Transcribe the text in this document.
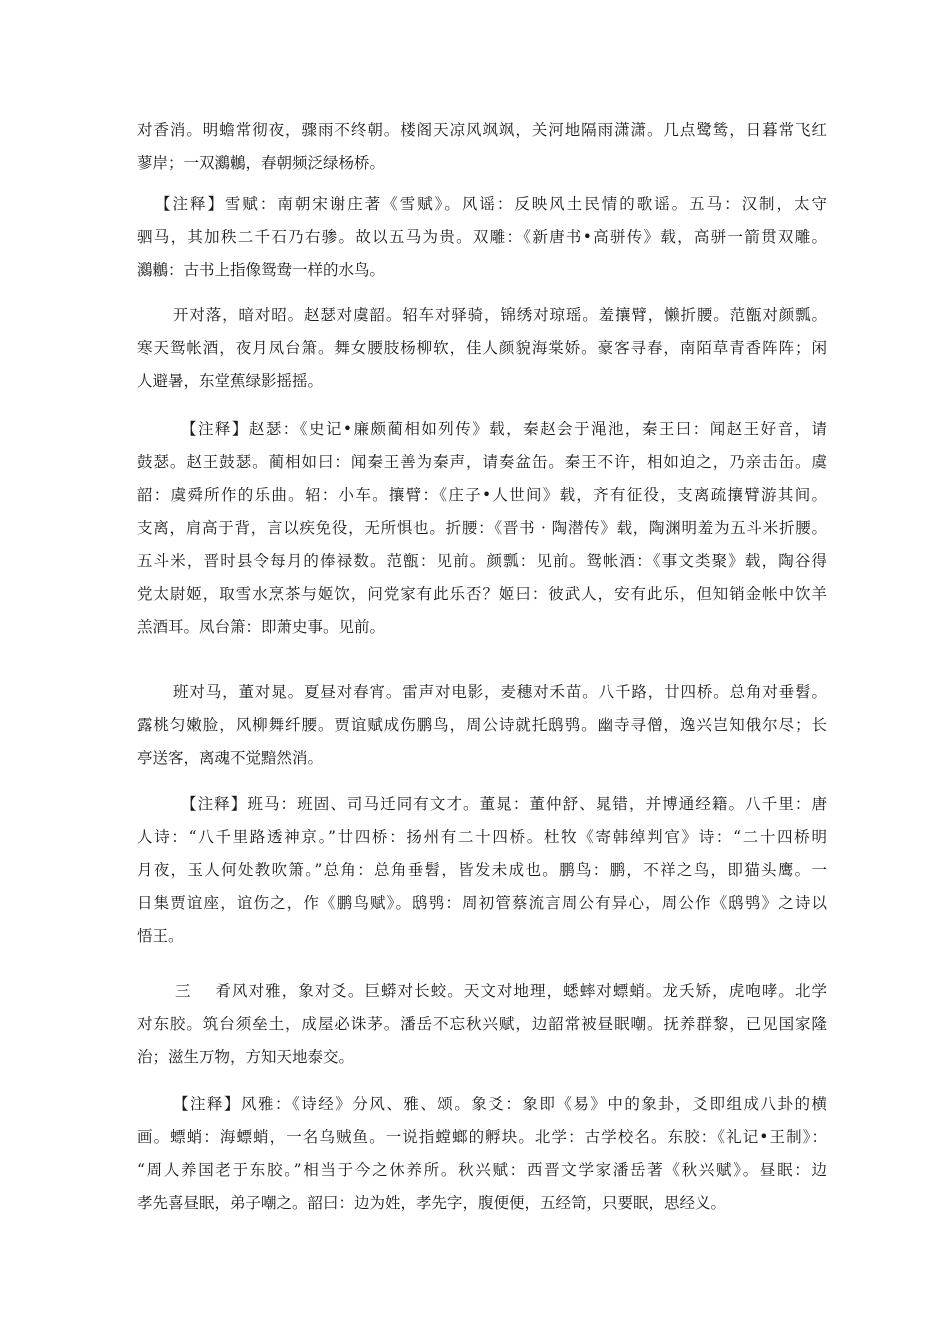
对香消。明蟾常彻夜，骤雨不终朝。楼阁天凉风飒飒，关河地隔雨潇潇。几点鹭鸶，日暮常飞红
蓼岸；一双鸂鶒，春朝频泛绿杨桥。
【注释】雪赋：南朝宋谢庄著《雪赋》。风谣：反映风土民情的歌谣。五马：汉制，太守
驷马，其加秩二千石乃右骖。故以五马为贵。双雕：《新唐书•高骈传》载，高骈一箭贯双雕。
鸂鶒：古书上指像鸳鸯一样的水鸟。
开对落，暗对昭。赵瑟对虞韶。轺车对驿骑，锦绣对琼瑶。羞攘臂，懒折腰。范甑对颜瓢。
寒天鸳帐酒，夜月凤台箫。舞女腰肢杨柳软，佳人颜貌海棠娇。豪客寻春，南陌草青香阵阵；闲
人避暑，东堂蕉绿影摇摇。
【注释】赵瑟：《史记•廉颇蔺相如列传》载，秦赵会于渑池，秦王曰：闻赵王好音，请
鼓瑟。赵王鼓瑟。蔺相如曰：闻秦王善为秦声，请奏盆缶。秦王不许，相如迫之，乃亲击缶。虞
韶：虞舜所作的乐曲。轺：小车。攘臂：《庄子•人世间》载，齐有征役，支离疏攘臂游其间。
支离，肩高于背，言以疾免役，无所惧也。折腰：《晋书 · 陶潜传》载，陶渊明羞为五斗米折腰。
五斗米，晋时县令每月的俸禄数。范甑：见前。颜瓢：见前。鸳帐酒：《事文类聚》载，陶谷得
党太尉姬，取雪水烹茶与姬饮，问党家有此乐否？姬曰：彼武人，安有此乐，但知销金帐中饮羊
羔酒耳。凤台箫：即萧史事。见前。
班对马，董对晁。夏昼对春宵。雷声对电影，麦穗对禾苗。八千路，廿四桥。总角对垂髫。
露桃匀嫩脸，风柳舞纤腰。贾谊赋成伤鹏鸟，周公诗就托鸱鸮。幽寺寻僧，逸兴岂知俄尔尽；长
亭送客，离魂不觉黯然消。
【注释】班马：班固、司马迁同有文才。董晁：董仲舒、晁错，并博通经籍。八千里：唐
人诗：“八千里路透神京。”廿四桥：扬州有二十四桥。杜牧《寄韩绰判官》诗：“二十四桥明
月夜，玉人何处教吹箫。”总角：总角垂髫，皆发未成也。鹏鸟：鹏，不祥之鸟，即猫头鹰。一
日集贾谊座，谊伤之，作《鹏鸟赋》。鸱鸮：周初管蔡流言周公有异心，周公作《鸱鸮》之诗以
悟王。
三    肴风对雅，象对爻。巨蟒对长蛟。天文对地理，蟋蟀对螵蛸。龙夭矫，虎咆哮。北学
对东胶。筑台须垒土，成屋必诛茅。潘岳不忘秋兴赋，边韶常被昼眠嘲。抚养群黎，已见国家隆
治；滋生万物，方知天地泰交。
【注释】风雅：《诗经》分风、雅、颂。象爻：象即《易》中的象卦，爻即组成八卦的横
画。螵蛸：海螵蛸，一名乌贼鱼。一说指螳螂的孵块。北学：古学校名。东胶：《礼记•王制》：
“周人养国老于东胶。”相当于今之休养所。秋兴赋：西晋文学家潘岳著《秋兴赋》。昼眠：边
孝先喜昼眠，弟子嘲之。韶曰：边为姓，孝先字，腹便便，五经笥，只要眠，思经义。
